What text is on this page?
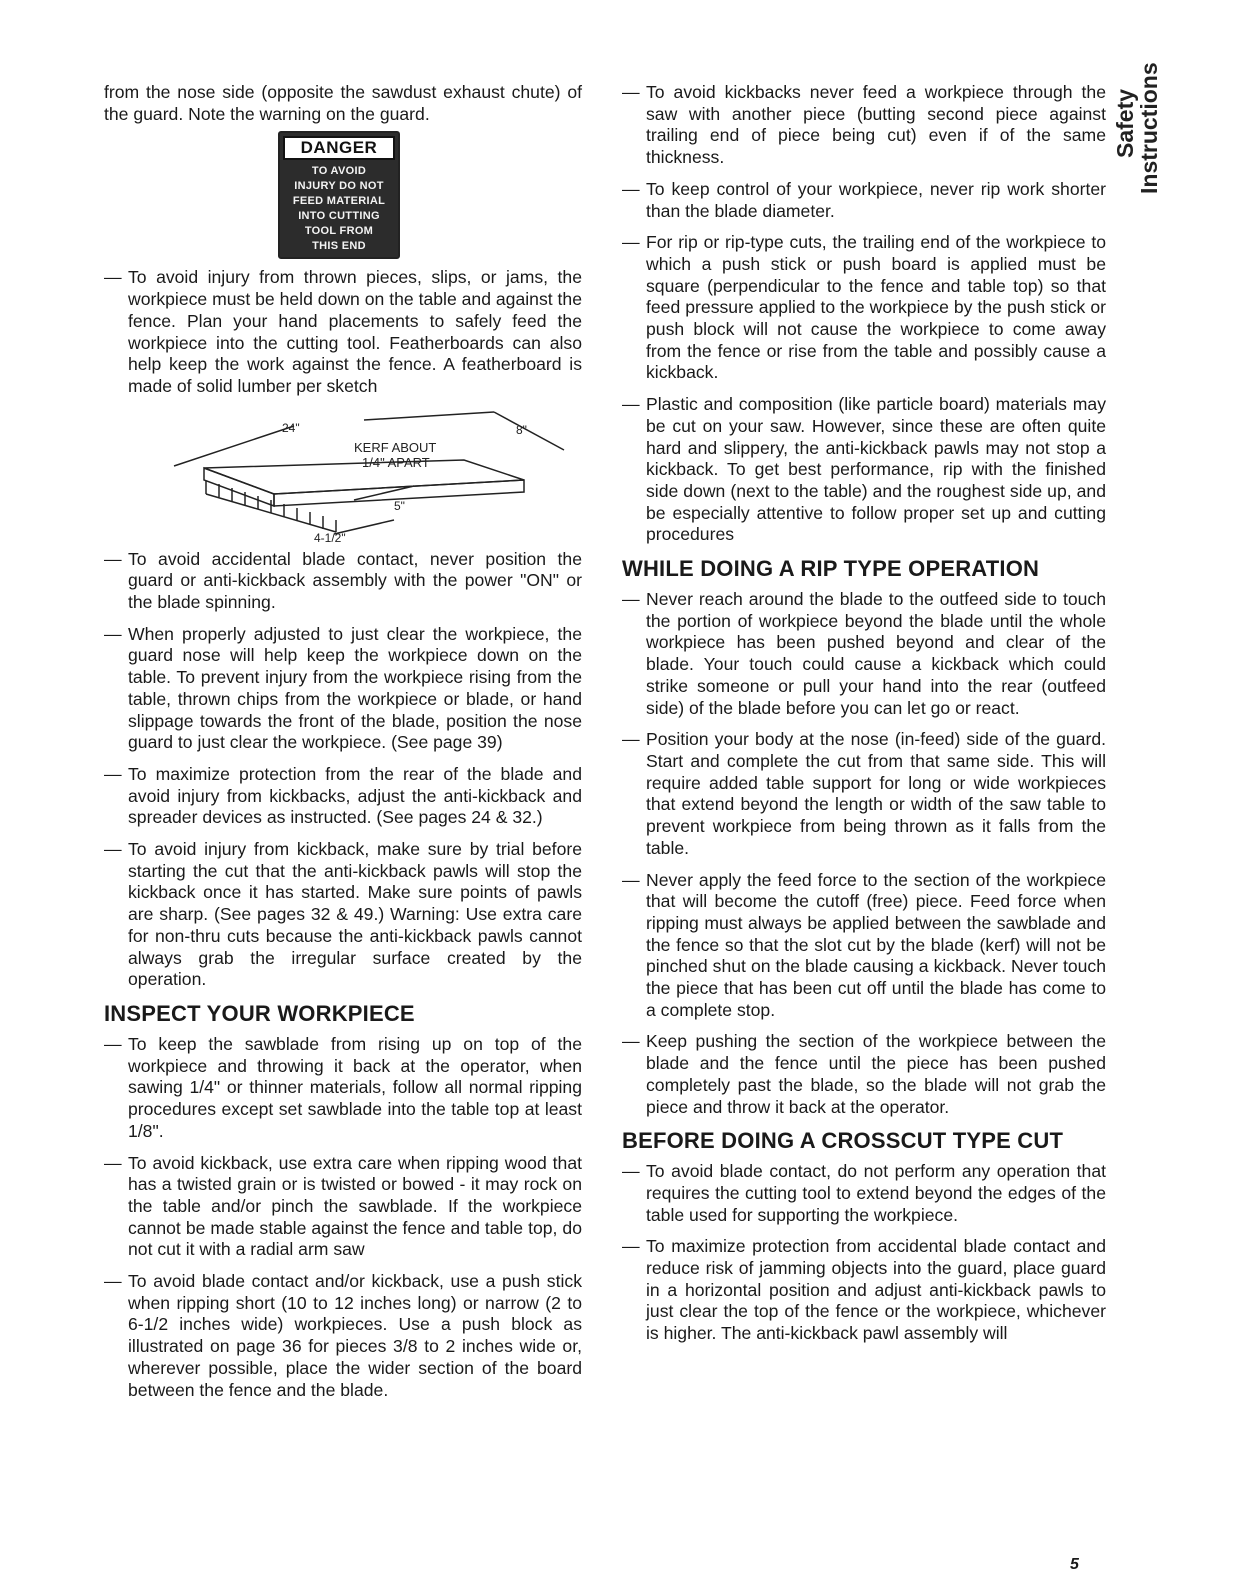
from the nose side (opposite the sawdust exhaust chute) of the guard. Note the warning on the guard.

DANGER
TO AVOID
INJURY DO NOT
FEED MATERIAL
INTO CUTTING
TOOL FROM
THIS END
— To avoid injury from thrown pieces, slips, or jams, the workpiece must be held down on the table and against the fence. Plan your hand placements to safely feed the workpiece into the cutting tool. Featherboards can also help keep the work against the fence. A featherboard is made of solid lumber per sketch
24"	8"
KERF ABOUT
1/4" APART
5"
4-1/2"
— To avoid accidental blade contact, never position the guard or anti-kickback assembly with the power "ON" or the blade spinning.
— When properly adjusted to just clear the workpiece, the guard nose will help keep the workpiece down on the table. To prevent injury from the workpiece rising from the table, thrown chips from the workpiece or blade, or hand slippage towards the front of the blade, position the nose guard to just clear the workpiece. (See page 39)
— To maximize protection from the rear of the blade and avoid injury from kickbacks, adjust the anti-kickback and spreader devices as instructed. (See pages 24 & 32.)
— To avoid injury from kickback, make sure by trial before starting the cut that the anti-kickback pawls will stop the kickback once it has started. Make sure points of pawls are sharp. (See pages 32 & 49.) Warning: Use extra care for non-thru cuts because the anti-kickback pawls cannot always grab the irregular surface created by the operation.
INSPECT YOUR WORKPIECE
— To keep the sawblade from rising up on top of the workpiece and throwing it back at the operator, when sawing 1/4" or thinner materials, follow all normal ripping procedures except set sawblade into the table top at least 1/8".
— To avoid kickback, use extra care when ripping wood that has a twisted grain or is twisted or bowed - it may rock on the table and/or pinch the sawblade. If the workpiece cannot be made stable against the fence and table top, do not cut it with a radial arm saw
— To avoid blade contact and/or kickback, use a push stick when ripping short (10 to 12 inches long) or narrow (2 to 6-1/2 inches wide) workpieces. Use a push block as illustrated on page 36 for pieces 3/8 to 2 inches wide or, wherever possible, place the wider section of the board between the fence and the blade.
— To avoid kickbacks never feed a workpiece through the saw with another piece (butting second piece against trailing end of piece being cut) even if of the same thickness.
— To keep control of your workpiece, never rip work shorter than the blade diameter.
— For rip or rip-type cuts, the trailing end of the workpiece to which a push stick or push board is applied must be square (perpendicular to the fence and table top) so that feed pressure applied to the workpiece by the push stick or push block will not cause the workpiece to come away from the fence or rise from the table and possibly cause a kickback.
— Plastic and composition (like particle board) materials may be cut on your saw. However, since these are often quite hard and slippery, the anti-kickback pawls may not stop a kickback. To get best performance, rip with the finished side down (next to the table) and the roughest side up, and be especially attentive to follow proper set up and cutting procedures
WHILE DOING A RIP TYPE OPERATION
— Never reach around the blade to the outfeed side to touch the portion of workpiece beyond the blade until the whole workpiece has been pushed beyond and clear of the blade. Your touch could cause a kickback which could strike someone or pull your hand into the rear (outfeed side) of the blade before you can let go or react.
— Position your body at the nose (in-feed) side of the guard. Start and complete the cut from that same side. This will require added table support for long or wide workpieces that extend beyond the length or width of the saw table to prevent workpiece from being thrown as it falls from the table.
— Never apply the feed force to the section of the workpiece that will become the cutoff (free) piece. Feed force when ripping must always be applied between the sawblade and the fence so that the slot cut by the blade (kerf) will not be pinched shut on the blade causing a kickback. Never touch the piece that has been cut off until the blade has come to a complete stop.
— Keep pushing the section of the workpiece between the blade and the fence until the piece has been pushed completely past the blade, so the blade will not grab the piece and throw it back at the operator.
BEFORE DOING A CROSSCUT TYPE CUT
— To avoid blade contact, do not perform any operation that requires the cutting tool to extend beyond the edges of the table used for supporting the workpiece.
— To maximize protection from accidental blade contact and reduce risk of jamming objects into the guard, place guard in a horizontal position and adjust anti-kickback pawls to just clear the top of the fence or the workpiece, whichever is higher. The anti-kickback pawl assembly will
Safety
Instructions
5
